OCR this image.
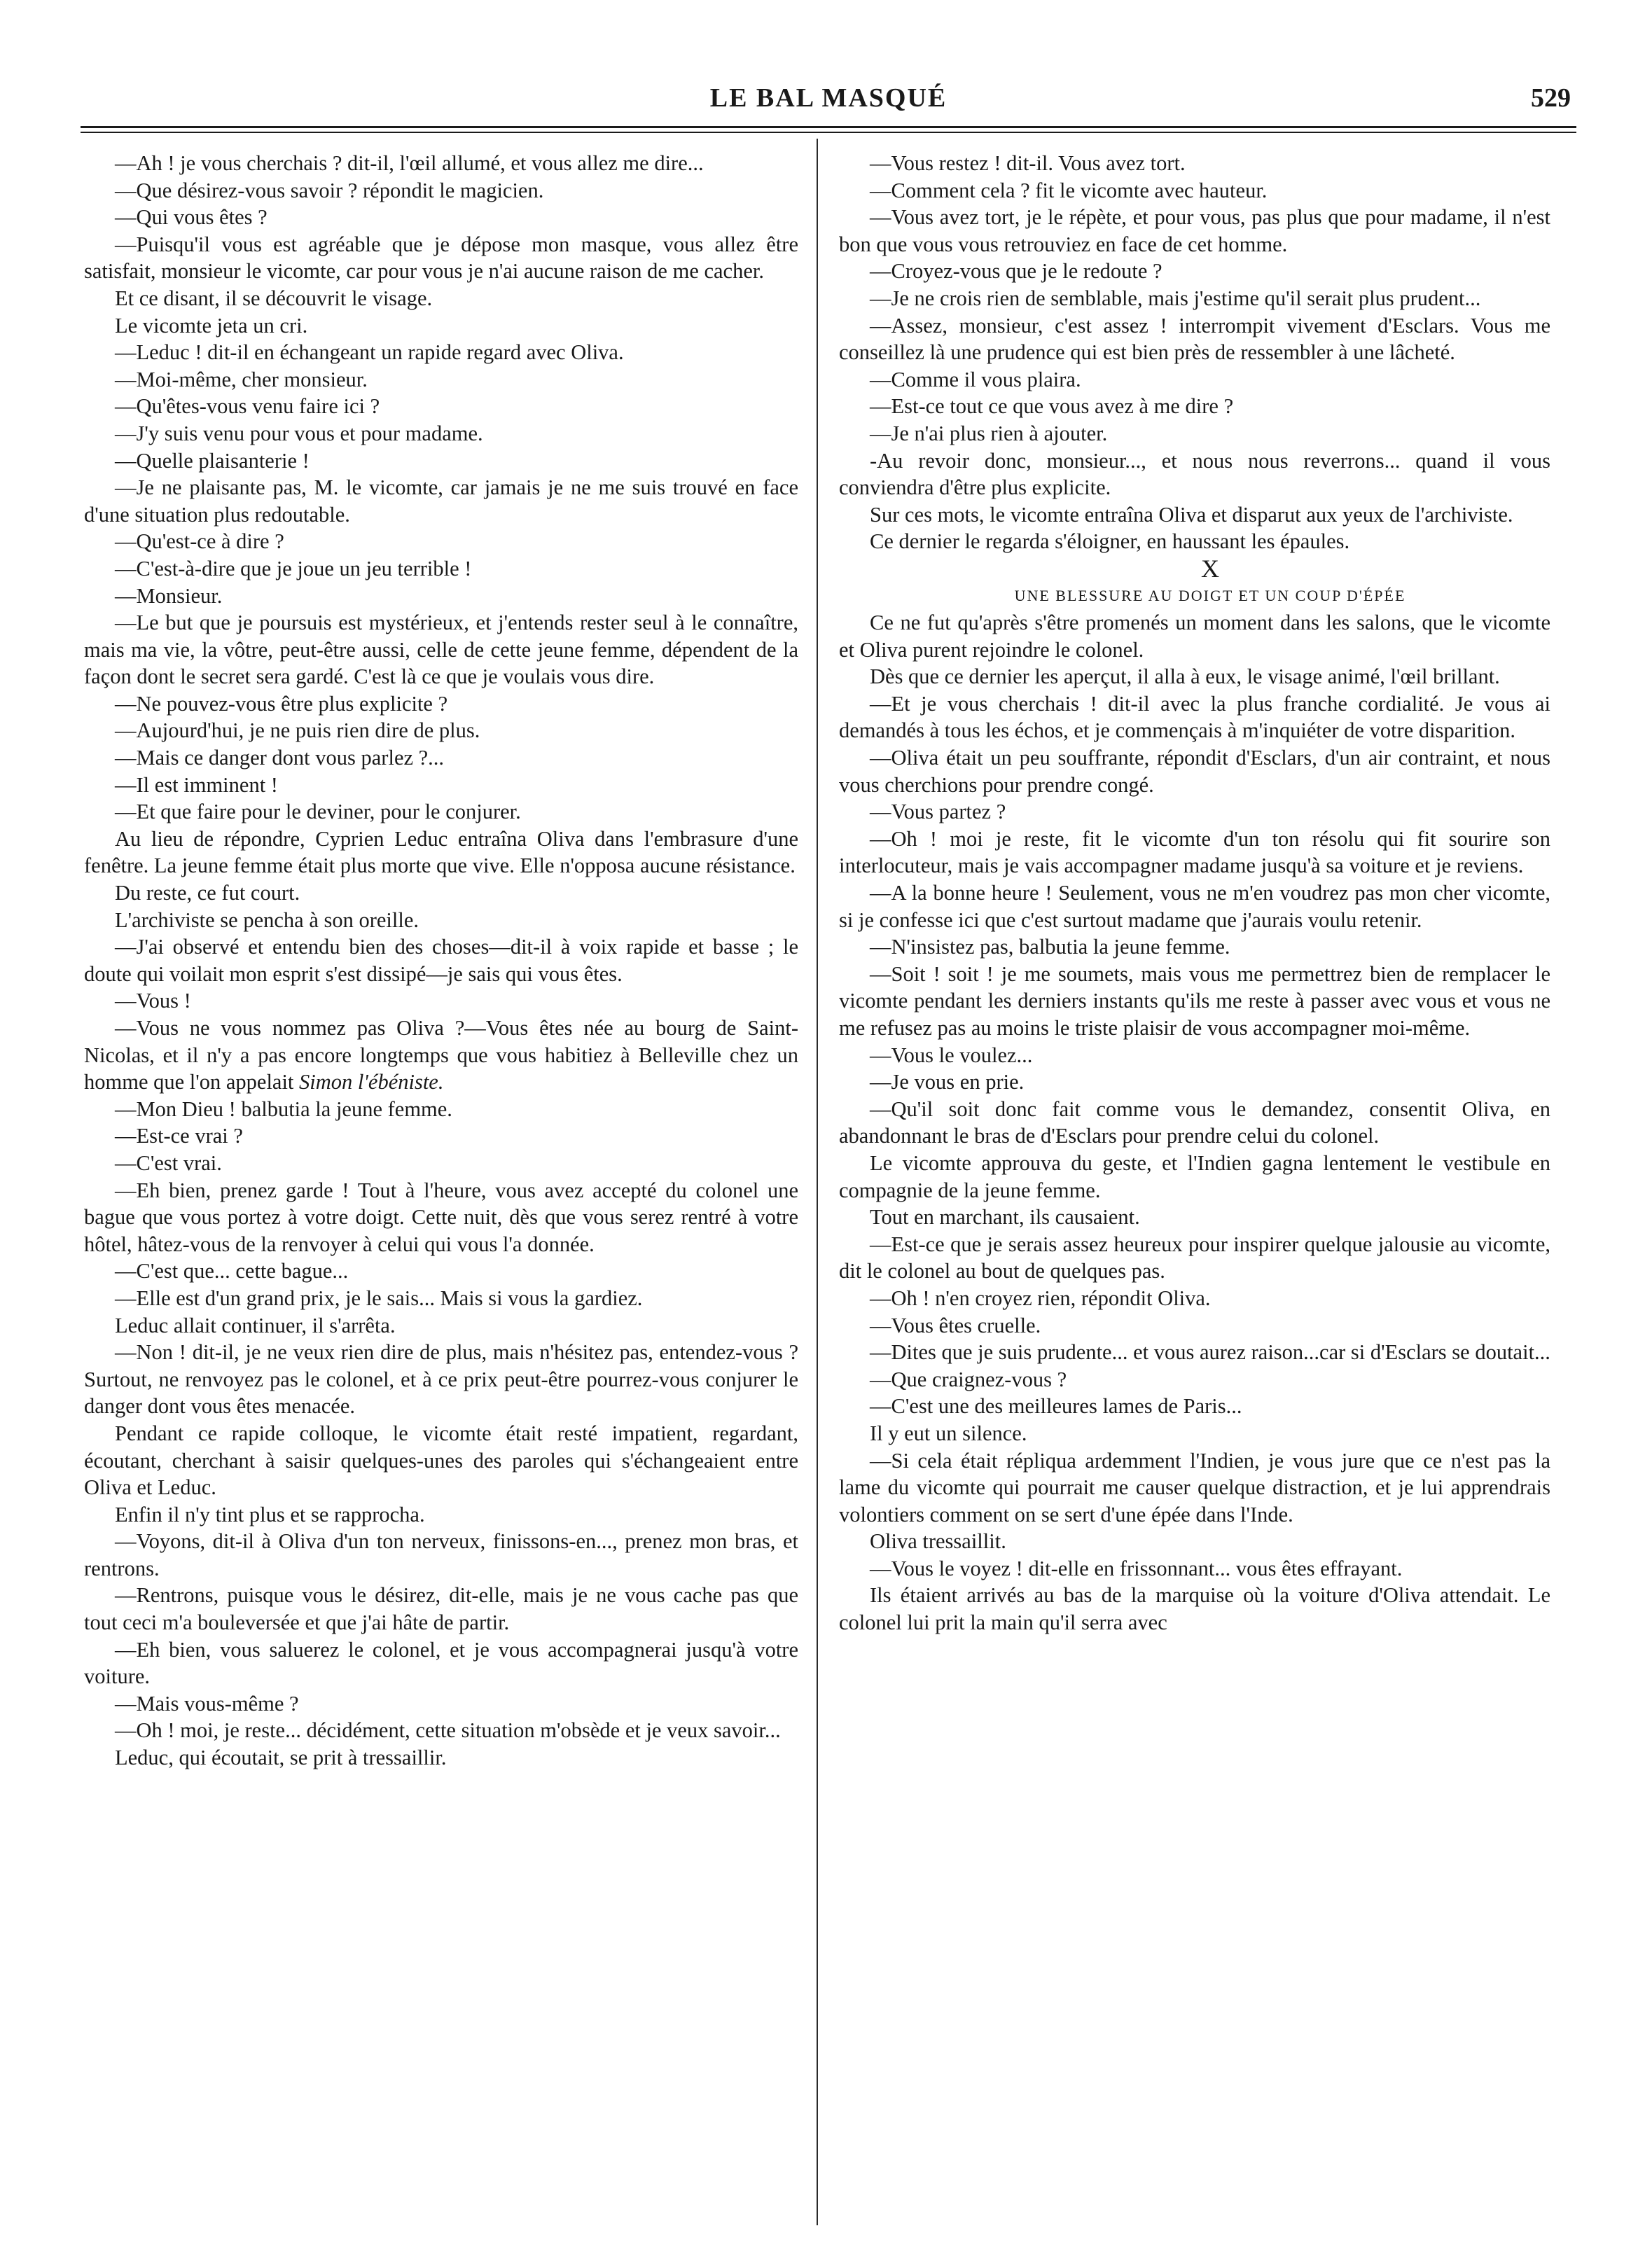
LE BAL MASQUÉ	529

—Ah ! je vous cherchais ? dit-il, l'œil allumé, et vous allez me dire...

—Que désirez-vous savoir ? répondit le magicien.

—Qui vous êtes ?

—Puisqu'il vous est agréable que je dépose mon masque, vous allez être satisfait, monsieur le vicomte, car pour vous je n'ai aucune raison de me cacher.

Et ce disant, il se découvrit le visage.

Le vicomte jeta un cri.

—Leduc ! dit-il en échangeant un rapide regard avec Oliva.

—Moi-même, cher monsieur.

—Qu'êtes-vous venu faire ici ?

—J'y suis venu pour vous et pour madame.

—Quelle plaisanterie !

—Je ne plaisante pas, M. le vicomte, car jamais je ne me suis trouvé en face d'une situation plus redoutable.

—Qu'est-ce à dire ?

—C'est-à-dire que je joue un jeu terrible !

—Monsieur.

—Le but que je poursuis est mystérieux, et j'entends rester seul à le connaître, mais ma vie, la vôtre, peut-être aussi, celle de cette jeune femme, dépendent de la façon dont le secret sera gardé. C'est là ce que je voulais vous dire.

—Ne pouvez-vous être plus explicite ?

—Aujourd'hui, je ne puis rien dire de plus.

—Mais ce danger dont vous parlez ?...

—Il est imminent !

—Et que faire pour le deviner, pour le conjurer.

Au lieu de répondre, Cyprien Leduc entraîna Oliva dans l'embrasure d'une fenêtre. La jeune femme était plus morte que vive. Elle n'opposa aucune résistance.

Du reste, ce fut court.

L'archiviste se pencha à son oreille.

—J'ai observé et entendu bien des choses—dit-il à voix rapide et basse ; le doute qui voilait mon esprit s'est dissipé—je sais qui vous êtes.

—Vous !

—Vous ne vous nommez pas Oliva ?—Vous êtes née au bourg de Saint-Nicolas, et il n'y a pas encore longtemps que vous habitiez à Belleville chez un homme que l'on appelait Simon l'ébéniste.

—Mon Dieu ! balbutia la jeune femme.

—Est-ce vrai ?

—C'est vrai.

—Eh bien, prenez garde ! Tout à l'heure, vous avez accepté du colonel une bague que vous portez à votre doigt. Cette nuit, dès que vous serez rentré à votre hôtel, hâtez-vous de la renvoyer à celui qui vous l'a donnée.

—C'est que... cette bague...

—Elle est d'un grand prix, je le sais... Mais si vous la gardiez.

Leduc allait continuer, il s'arrêta.

—Non ! dit-il, je ne veux rien dire de plus, mais n'hésitez pas, entendez-vous ? Surtout, ne renvoyez pas le colonel, et à ce prix peut-être pourrez-vous conjurer le danger dont vous êtes menacée.

Pendant ce rapide colloque, le vicomte était resté impatient, regardant, écoutant, cherchant à saisir quelques-unes des paroles qui s'échangeaient entre Oliva et Leduc.

Enfin il n'y tint plus et se rapprocha.

—Voyons, dit-il à Oliva d'un ton nerveux, finissons-en..., prenez mon bras, et rentrons.

—Rentrons, puisque vous le désirez, dit-elle, mais je ne vous cache pas que tout ceci m'a bouleversée et que j'ai hâte de partir.

—Eh bien, vous saluerez le colonel, et je vous accompagnerai jusqu'à votre voiture.

—Mais vous-même ?

—Oh ! moi, je reste... décidément, cette situation m'obsède et je veux savoir...

Leduc, qui écoutait, se prit à tressaillir.

—Vous restez ! dit-il. Vous avez tort.

—Comment cela ? fit le vicomte avec hauteur.

—Vous avez tort, je le répète, et pour vous, pas plus que pour madame, il n'est bon que vous vous retrouviez en face de cet homme.

—Croyez-vous que je le redoute ?

—Je ne crois rien de semblable, mais j'estime qu'il serait plus prudent...

—Assez, monsieur, c'est assez ! interrompit vivement d'Esclars. Vous me conseillez là une prudence qui est bien près de ressembler à une lâcheté.

—Comme il vous plaira.

—Est-ce tout ce que vous avez à me dire ?

—Je n'ai plus rien à ajouter.

-Au revoir donc, monsieur..., et nous nous reverrons... quand il vous conviendra d'être plus explicite.

Sur ces mots, le vicomte entraîna Oliva et disparut aux yeux de l'archiviste.

Ce dernier le regarda s'éloigner, en haussant les épaules.

X

UNE BLESSURE AU DOIGT ET UN COUP D'ÉPÉE

Ce ne fut qu'après s'être promenés un moment dans les salons, que le vicomte et Oliva purent rejoindre le colonel.

Dès que ce dernier les aperçut, il alla à eux, le visage animé, l'œil brillant.

—Et je vous cherchais ! dit-il avec la plus franche cordialité. Je vous ai demandés à tous les échos, et je commençais à m'inquiéter de votre disparition.

—Oliva était un peu souffrante, répondit d'Esclars, d'un air contraint, et nous vous cherchions pour prendre congé.

—Vous partez ?

—Oh ! moi je reste, fit le vicomte d'un ton résolu qui fit sourire son interlocuteur, mais je vais accompagner madame jusqu'à sa voiture et je reviens.

—A la bonne heure ! Seulement, vous ne m'en voudrez pas mon cher vicomte, si je confesse ici que c'est surtout madame que j'aurais voulu retenir.

—N'insistez pas, balbutia la jeune femme.

—Soit ! soit ! je me soumets, mais vous me permettrez bien de remplacer le vicomte pendant les derniers instants qu'ils me reste à passer avec vous et vous ne me refusez pas au moins le triste plaisir de vous accompagner moi-même.

—Vous le voulez...

—Je vous en prie.

—Qu'il soit donc fait comme vous le demandez, consentit Oliva, en abandonnant le bras de d'Esclars pour prendre celui du colonel.

Le vicomte approuva du geste, et l'Indien gagna lentement le vestibule en compagnie de la jeune femme.

Tout en marchant, ils causaient.

—Est-ce que je serais assez heureux pour inspirer quelque jalousie au vicomte, dit le colonel au bout de quelques pas.

—Oh ! n'en croyez rien, répondit Oliva.

—Vous êtes cruelle.

—Dites que je suis prudente... et vous aurez raison...car si d'Esclars se doutait...

—Que craignez-vous ?

—C'est une des meilleures lames de Paris...

Il y eut un silence.

—Si cela était répliqua ardemment l'Indien, je vous jure que ce n'est pas la lame du vicomte qui pourrait me causer quelque distraction, et je lui apprendrais volontiers comment on se sert d'une épée dans l'Inde.

Oliva tressaillit.

—Vous le voyez ! dit-elle en frissonnant... vous êtes effrayant.

Ils étaient arrivés au bas de la marquise où la voiture d'Oliva attendait. Le colonel lui prit la main qu'il serra avec
